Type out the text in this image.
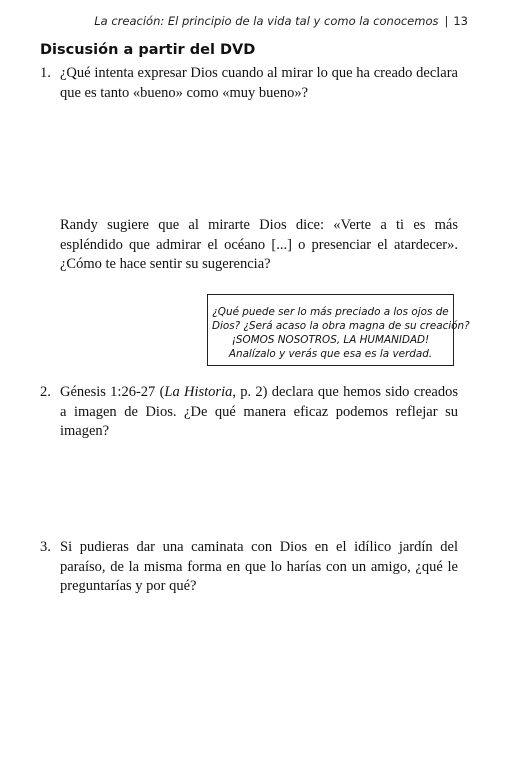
La creación: El principio de la vida tal y como la conocemos | 13
Discusión a partir del DVD
1. ¿Qué intenta expresar Dios cuando al mirar lo que ha creado declara que es tanto «bueno» como «muy bueno»?
Randy sugiere que al mirarte Dios dice: «Verte a ti es más espléndido que admirar el océano [...] o presenciar el atardecer». ¿Cómo te hace sentir su sugerencia?
¿Qué puede ser lo más preciado a los ojos de
Dios? ¿Será acaso la obra magna de su creación?
¡SOMOS NOSOTROS, LA HUMANIDAD!
Analízalo y verás que esa es la verdad.
2. Génesis 1:26-27 (La Historia, p. 2) declara que hemos sido creados a imagen de Dios. ¿De qué manera eficaz podemos reflejar su imagen?
3. Si pudieras dar una caminata con Dios en el idílico jardín del paraíso, de la misma forma en que lo harías con un amigo, ¿qué le preguntarías y por qué?
